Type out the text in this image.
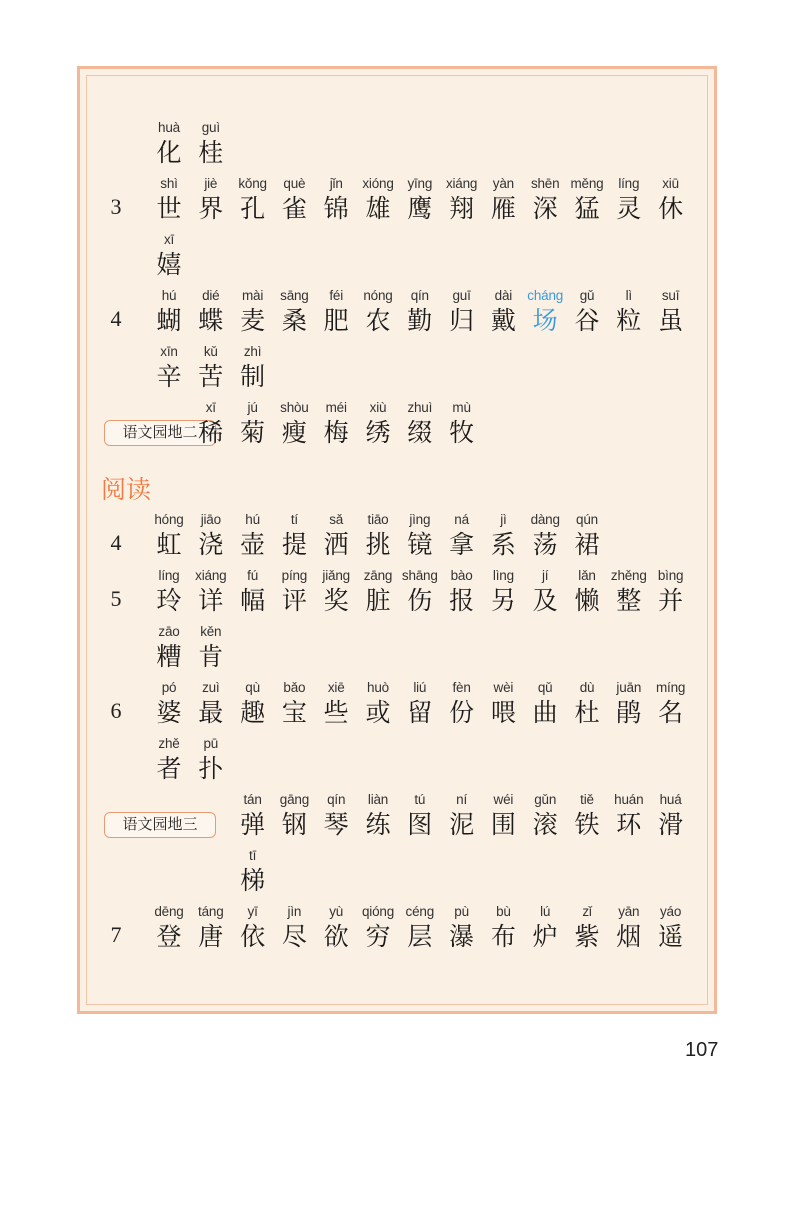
阅读
huà
化
guì
桂
3
shì
世
jiè
界
kǒng
孔
què
雀
jǐn
锦
xióng
雄
yīng
鹰
xiáng
翔
yàn
雁
shēn
深
měng
猛
líng
灵
xiū
休
xī
嬉
4
hú
蝴
dié
蝶
mài
麦
sāng
桑
féi
肥
nóng
农
qín
勤
guī
归
dài
戴
cháng
场
gǔ
谷
lì
粒
suī
虽
xīn
辛
kǔ
苦
zhì
制
语文园地二
xī
稀
jú
菊
shòu
瘦
méi
梅
xiù
绣
zhuì
缀
mù
牧
4
hóng
虹
jiāo
浇
hú
壶
tí
提
sǎ
洒
tiāo
挑
jìng
镜
ná
拿
jì
系
dàng
荡
qún
裙
5
líng
玲
xiáng
详
fú
幅
píng
评
jiǎng
奖
zāng
脏
shāng
伤
bào
报
lìng
另
jí
及
lǎn
懒
zhěng
整
bìng
并
zāo
糟
kěn
肯
6
pó
婆
zuì
最
qù
趣
bǎo
宝
xiē
些
huò
或
liú
留
fèn
份
wèi
喂
qǔ
曲
dù
杜
juān
鹃
míng
名
zhě
者
pū
扑
语文园地三
tán
弹
gāng
钢
qín
琴
liàn
练
tú
图
ní
泥
wéi
围
gǔn
滚
tiě
铁
huán
环
huá
滑
tī
梯
7
dēng
登
táng
唐
yī
依
jìn
尽
yù
欲
qióng
穷
céng
层
pù
瀑
bù
布
lú
炉
zǐ
紫
yān
烟
yáo
遥
107
